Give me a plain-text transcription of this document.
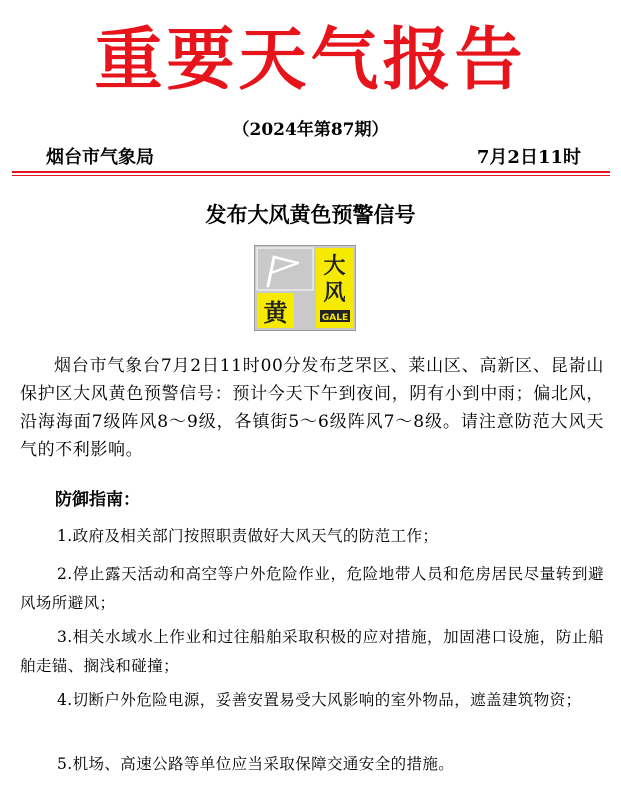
重要天气报告
（2024年第87期）
烟台市气象局	7月2日11时
发布大风黄色预警信号
大
风
黄	GALE
烟台市气象台7月2日11时00分发布芝罘区、莱山区、高新区、昆嵛山保护区大风黄色预警信号：预计今天下午到夜间，阴有小到中雨；偏北风，沿海海面7级阵风8～9级，各镇街5～6级阵风7～8级。请注意防范大风天气的不利影响。
防御指南：
1.政府及相关部门按照职责做好大风天气的防范工作；
2.停止露天活动和高空等户外危险作业，危险地带人员和危房居民尽量转到避风场所避风；
3.相关水域水上作业和过往船舶采取积极的应对措施，加固港口设施，防止船舶走锚、搁浅和碰撞；
4.切断户外危险电源，妥善安置易受大风影响的室外物品，遮盖建筑物资；
5.机场、高速公路等单位应当采取保障交通安全的措施。
